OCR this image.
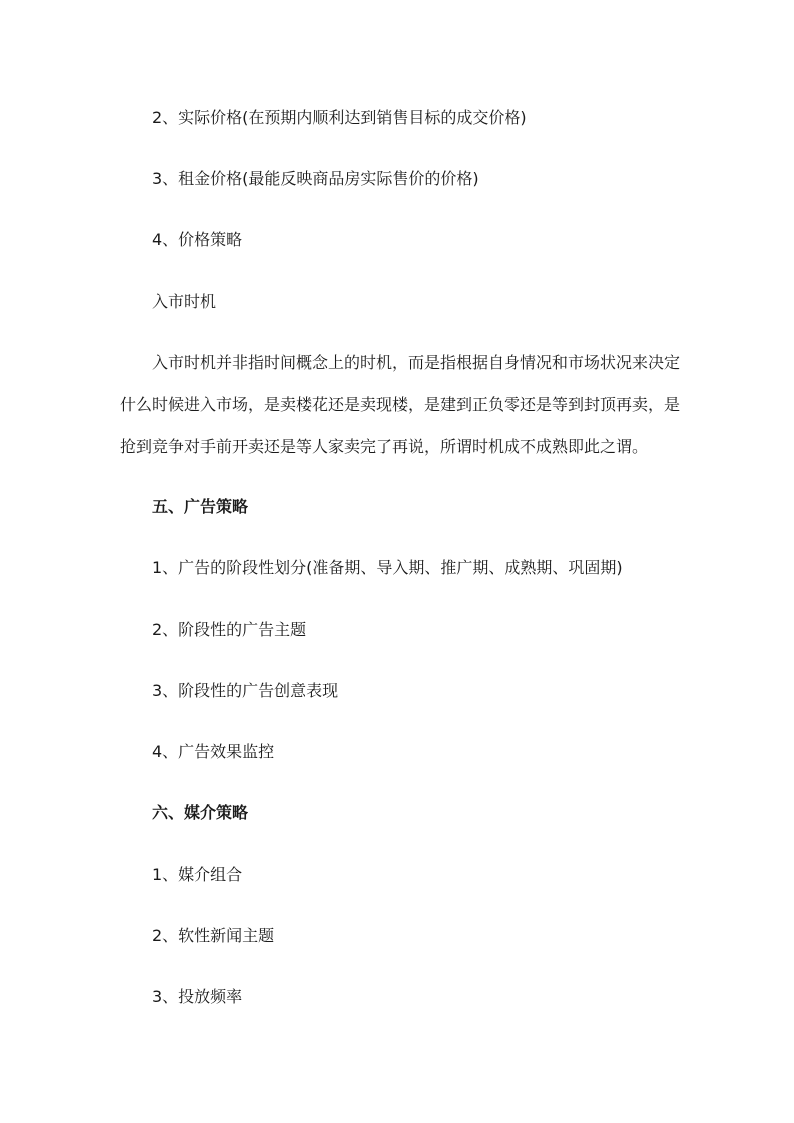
2、实际价格(在预期内顺利达到销售目标的成交价格)
3、租金价格(最能反映商品房实际售价的价格)
4、价格策略
入市时机
入市时机并非指时间概念上的时机，而是指根据自身情况和市场状况来决定
什么时候进入市场，是卖楼花还是卖现楼，是建到正负零还是等到封顶再卖，是
抢到竞争对手前开卖还是等人家卖完了再说，所谓时机成不成熟即此之谓。
五、广告策略
1、广告的阶段性划分(准备期、导入期、推广期、成熟期、巩固期)
2、阶段性的广告主题
3、阶段性的广告创意表现
4、广告效果监控
六、媒介策略
1、媒介组合
2、软性新闻主题
3、投放频率
